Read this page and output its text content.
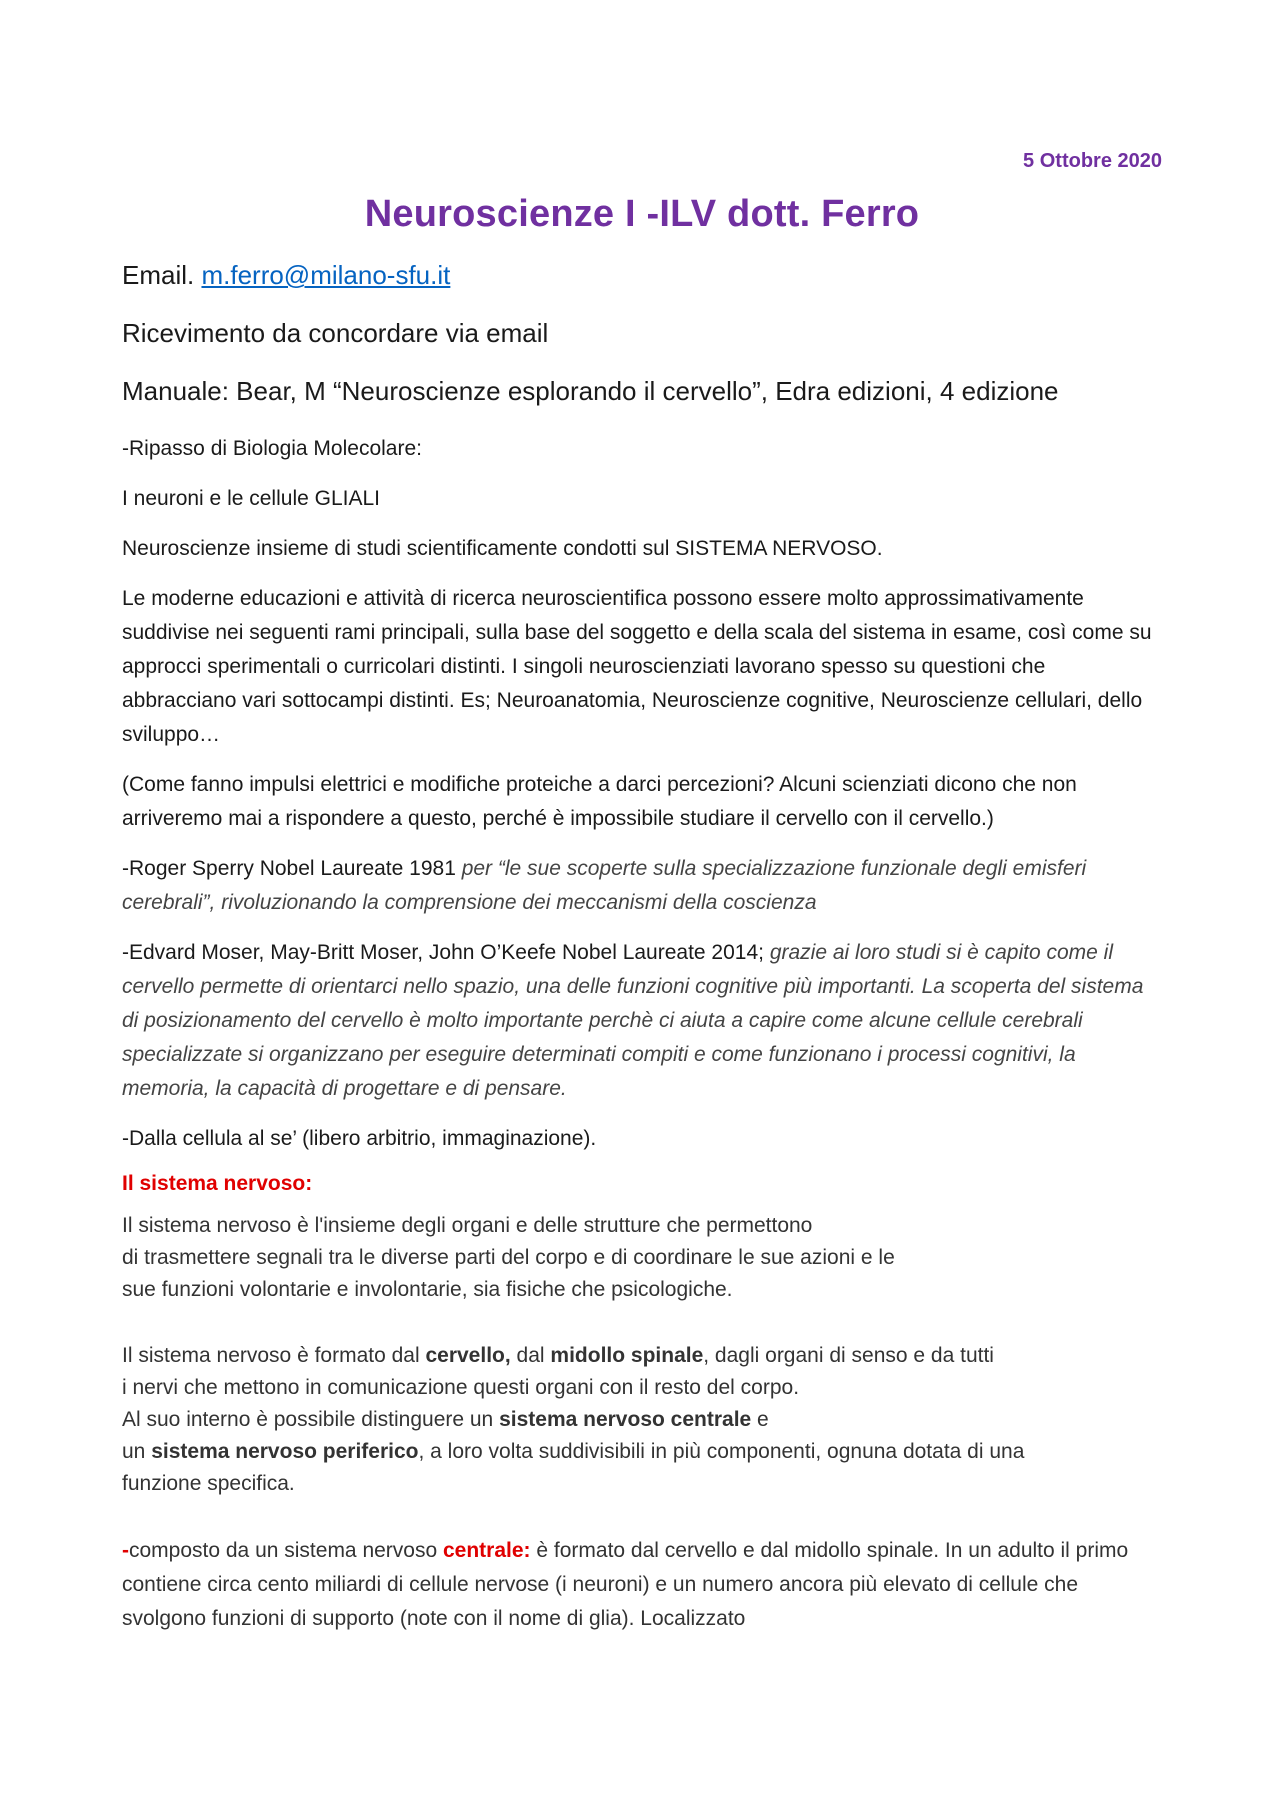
5 Ottobre 2020
Neuroscienze I -ILV dott. Ferro
Email. m.ferro@milano-sfu.it
Ricevimento da concordare via email
Manuale: Bear, M “Neuroscienze esplorando il cervello”, Edra edizioni, 4 edizione

-Ripasso di Biologia Molecolare:

I neuroni e le cellule GLIALI

Neuroscienze insieme di studi scientificamente condotti sul SISTEMA NERVOSO.

Le moderne educazioni e attività di ricerca neuroscientifica possono essere molto approssimativamente suddivise nei seguenti rami principali, sulla base del soggetto e della scala del sistema in esame, così come su approcci sperimentali o curricolari distinti. I singoli neuroscienziati lavorano spesso su questioni che abbracciano vari sottocampi distinti. Es; Neuroanatomia, Neuroscienze cognitive, Neuroscienze cellulari, dello sviluppo…

(Come fanno impulsi elettrici e modifiche proteiche a darci percezioni? Alcuni scienziati dicono che non arriveremo mai a rispondere a questo, perché è impossibile studiare il cervello con il cervello.)

-Roger Sperry Nobel Laureate 1981 per “le sue scoperte sulla specializzazione funzionale degli emisferi cerebrali”, rivoluzionando la comprensione dei meccanismi della coscienza

-Edvard Moser, May-Britt Moser, John O’Keefe Nobel Laureate 2014; grazie ai loro studi si è capito come il cervello permette di orientarci nello spazio, una delle funzioni cognitive più importanti. La scoperta del sistema di posizionamento del cervello è molto importante perchè ci aiuta a capire come alcune cellule cerebrali specializzate si organizzano per eseguire determinati compiti e come funzionano i processi cognitivi, la memoria, la capacità di progettare e di pensare.

-Dalla cellula al se’ (libero arbitrio, immaginazione).

Il sistema nervoso:

Il sistema nervoso è l'insieme degli organi e delle strutture che permettono

di trasmettere segnali tra le diverse parti del corpo e di coordinare le sue azioni e le

sue funzioni volontarie e involontarie, sia fisiche che psicologiche.

Il sistema nervoso è formato dal cervello, dal midollo spinale, dagli organi di senso e da tutti

i nervi che mettono in comunicazione questi organi con il resto del corpo.

Al suo interno è possibile distinguere un sistema nervoso centrale e

un sistema nervoso periferico, a loro volta suddivisibili in più componenti, ognuna dotata di una

funzione specifica.

-composto da un sistema nervoso centrale: è formato dal cervello e dal midollo spinale. In un adulto il primo contiene circa cento miliardi di cellule nervose (i neuroni) e un numero ancora più elevato di cellule che svolgono funzioni di supporto (note con il nome di glia). Localizzato
